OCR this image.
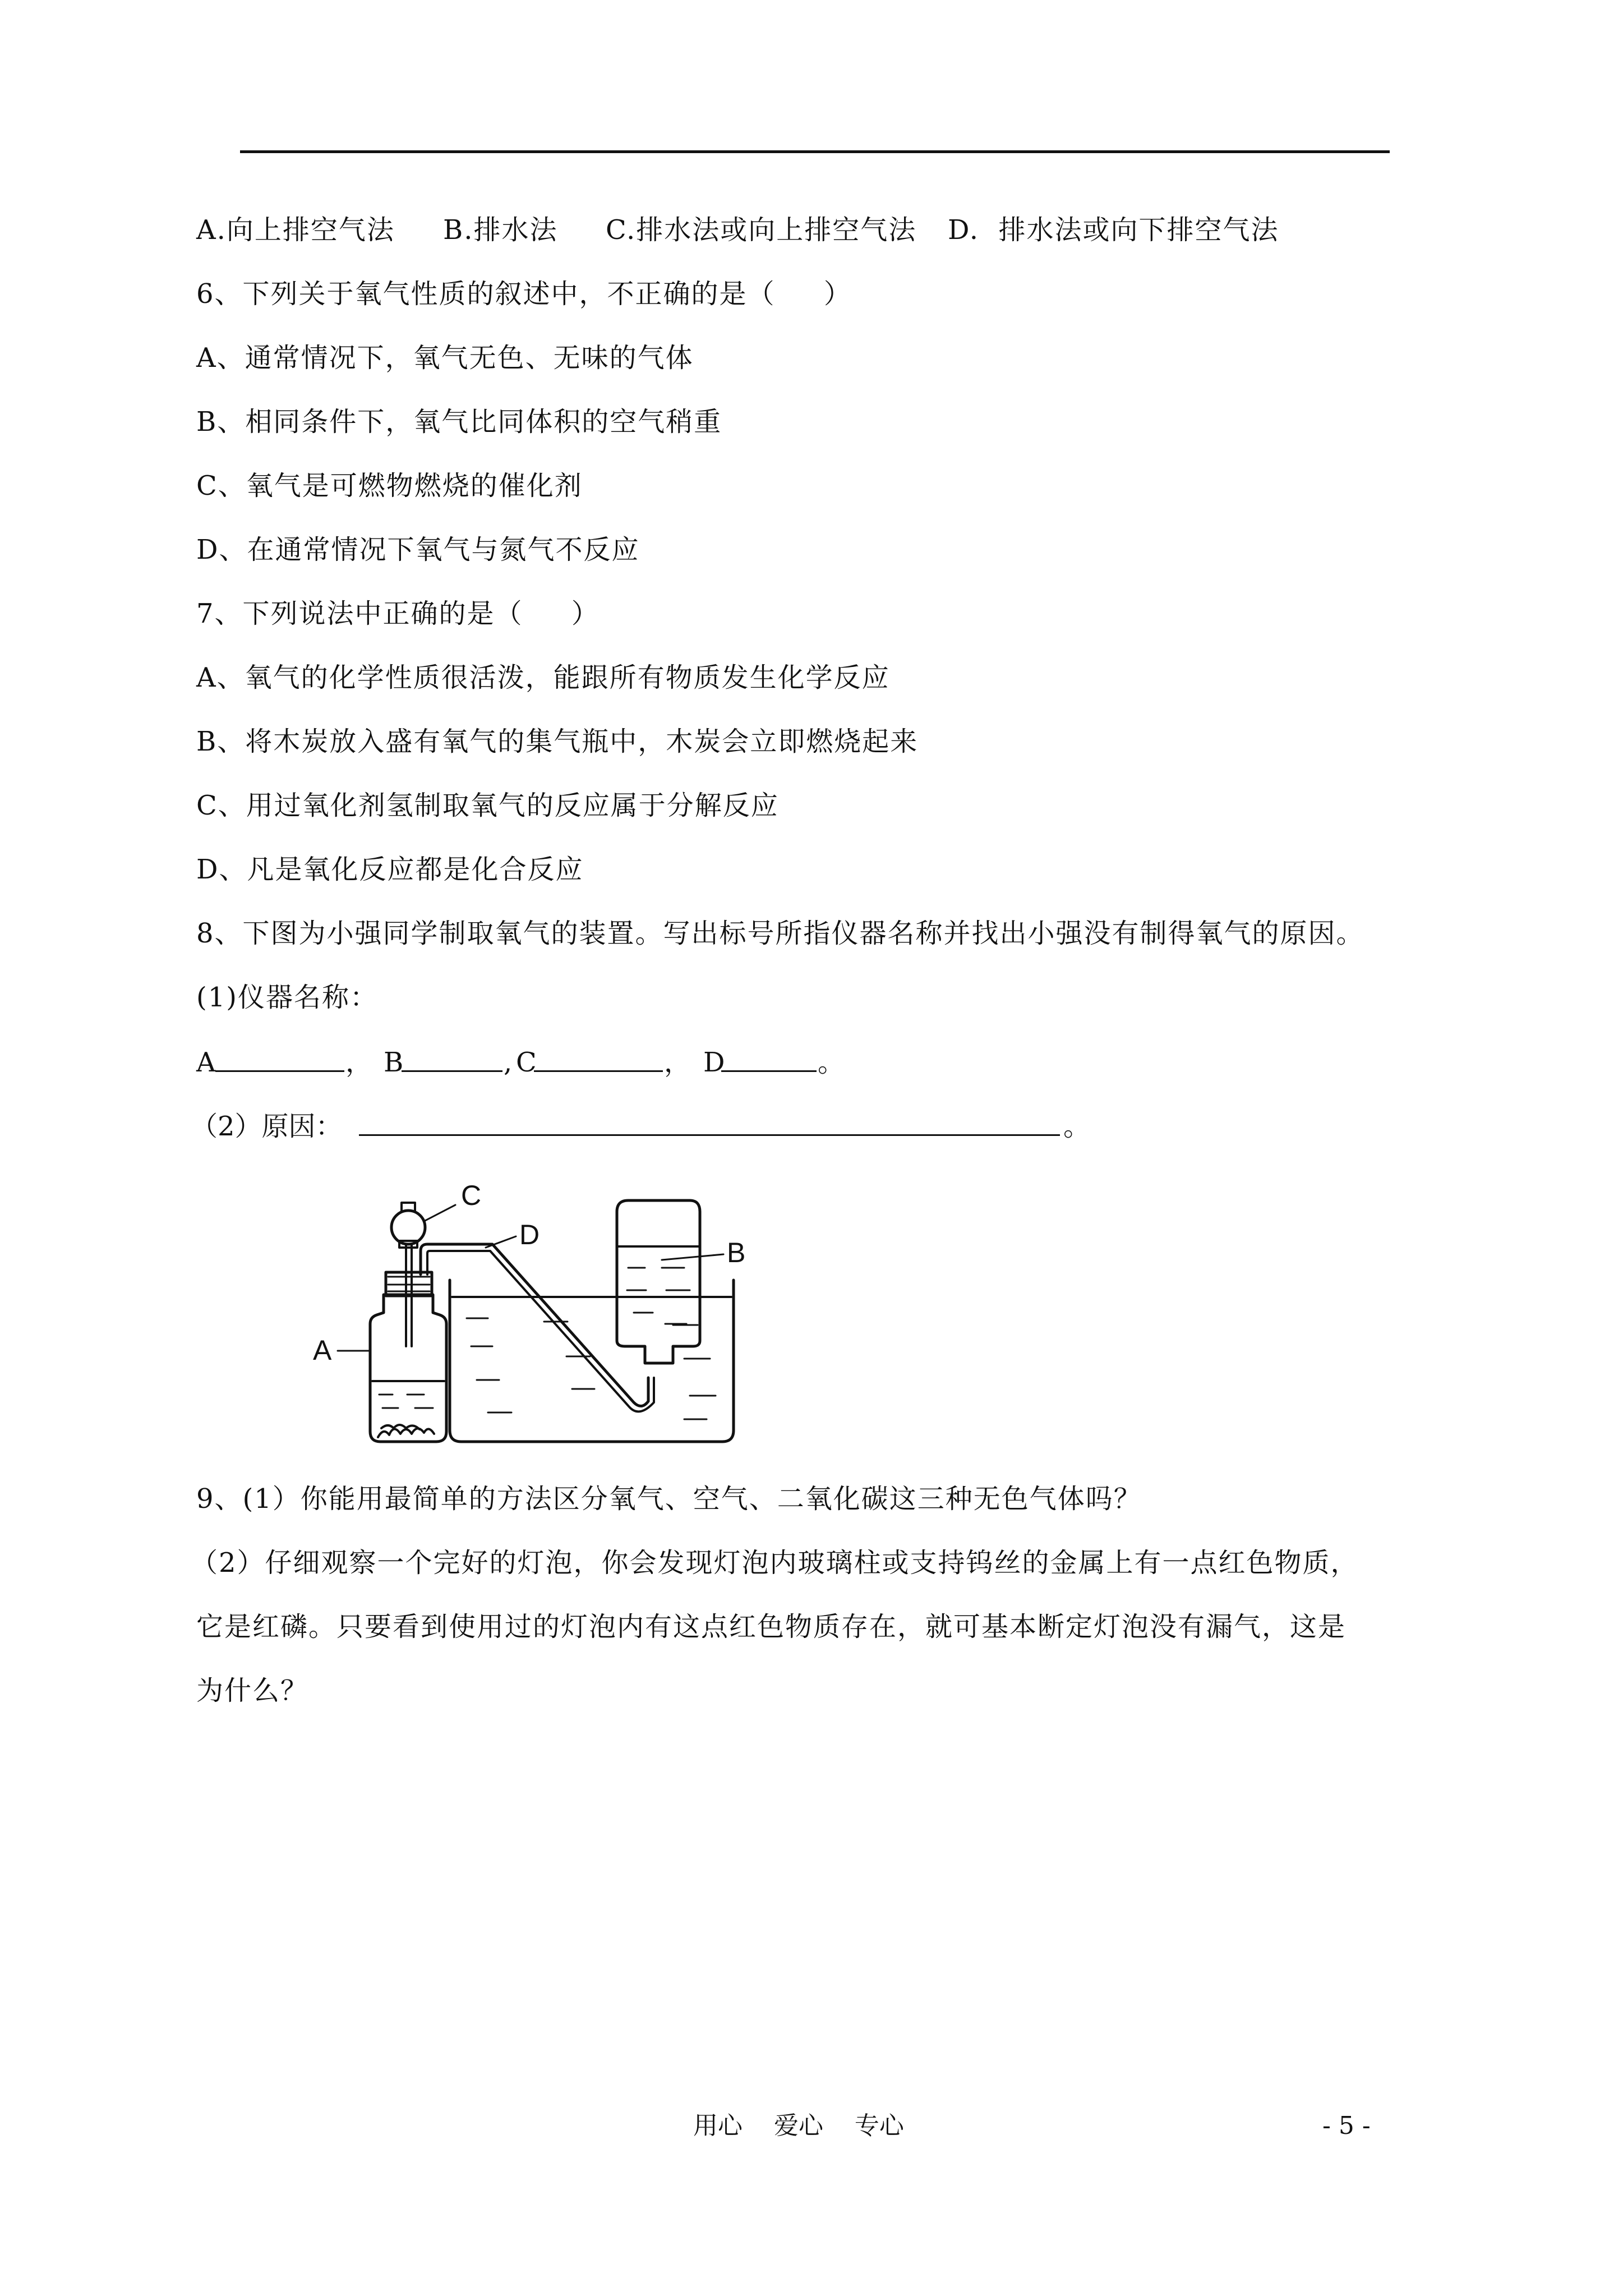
A.向上排空气法 B.排水法 C.排水法或向上排空气法 D.  排水法或向下排空气法
6、下列关于氧气性质的叙述中，不正确的是（     ）
A、通常情况下，氧气无色、无味的气体
B、相同条件下，氧气比同体积的空气稍重
C、氧气是可燃物燃烧的催化剂
D、在通常情况下氧气与氮气不反应
7、下列说法中正确的是（     ）
A、氧气的化学性质很活泼，能跟所有物质发生化学反应
B、将木炭放入盛有氧气的集气瓶中，木炭会立即燃烧起来
C、用过氧化剂氢制取氧气的反应属于分解反应
D、凡是氧化反应都是化合反应
8、下图为小强同学制取氧气的装置。写出标号所指仪器名称并找出小强没有制得氧气的原因。
(1)仪器名称：

A

	，

B

	,

C

	，

D

	。

（2）原因：

	。

A
B
C
D
9、(1）你能用最简单的方法区分氧气、空气、二氧化碳这三种无色气体吗？
（2）仔细观察一个完好的灯泡，你会发现灯泡内玻璃柱或支持钨丝的金属上有一点红色物质，
它是红磷。只要看到使用过的灯泡内有这点红色物质存在，就可基本断定灯泡没有漏气，这是
为什么？
用心    爱心    专心	- 5 -
